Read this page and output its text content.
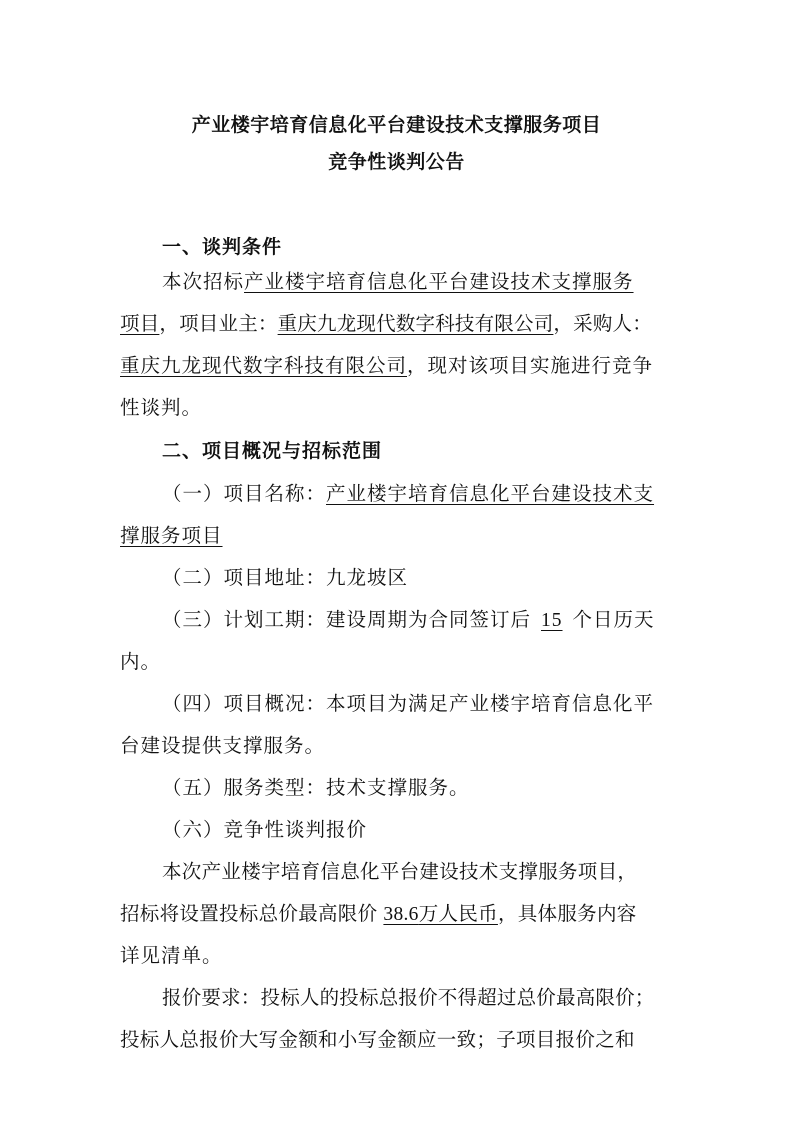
产业楼宇培育信息化平台建设技术支撑服务项目
竞争性谈判公告
一、谈判条件
本次招标产业楼宇培育信息化平台建设技术支撑服务
项目，项目业主：重庆九龙现代数字科技有限公司，采购人：
重庆九龙现代数字科技有限公司，现对该项目实施进行竞争
性谈判。
二、项目概况与招标范围
（一）项目名称：产业楼宇培育信息化平台建设技术支
撑服务项目
（二）项目地址：九龙坡区
（三）计划工期：建设周期为合同签订后 15 个日历天
内。
（四）项目概况：本项目为满足产业楼宇培育信息化平
台建设提供支撑服务。
（五）服务类型：技术支撑服务。
（六）竞争性谈判报价
本次产业楼宇培育信息化平台建设技术支撑服务项目，
招标将设置投标总价最高限价 38.6万人民币，具体服务内容
详见清单。
报价要求：投标人的投标总报价不得超过总价最高限价；
投标人总报价大写金额和小写金额应一致；子项目报价之和
